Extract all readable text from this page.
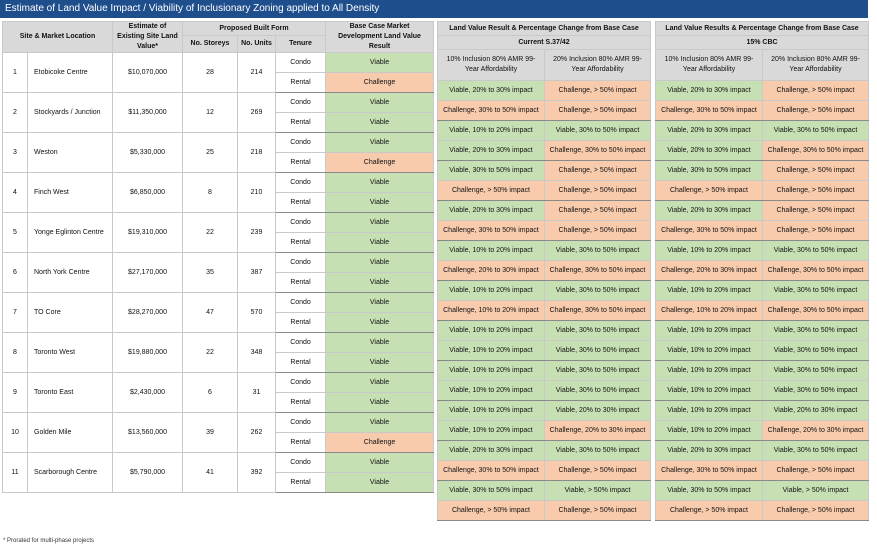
Estimate of Land Value Impact / Viability of Inclusionary Zoning applied to All Density
Site & Market Location		Estimate of Existing Site Land Value*	Proposed Built Form			Base Case Market Development Land Value Result
			No. Storeys	No. Units	Tenure	

1	Etobicoke Centre	$10,070,000	28	214	Condo	Viable
					Rental	Challenge
2	Stockyards / Junction	$11,350,000	12	269	Condo	Viable
					Rental	Viable
3	Weston	$5,330,000	25	218	Condo	Viable
					Rental	Challenge
4	Finch West	$6,850,000	8	210	Condo	Viable
					Rental	Viable
5	Yonge Eglinton Centre	$19,310,000	22	239	Condo	Viable
					Rental	Viable
6	North York Centre	$27,170,000	35	387	Condo	Viable
					Rental	Viable
7	TO Core	$28,270,000	47	570	Condo	Viable
					Rental	Viable
8	Toronto West	$19,880,000	22	348	Condo	Viable
					Rental	Viable
9	Toronto East	$2,430,000	6	31	Condo	Viable
					Rental	Viable
10	Golden Mile	$13,560,000	39	262	Condo	Viable
					Rental	Challenge
11	Scarborough Centre	$5,790,000	41	392	Condo	Viable
					Rental	Viable
Land Value Result & Percentage Change from Base Case	
Current S.37/42	
10% Inclusion 80% AMR 99-Year Affordability	20% Inclusion 80% AMR 99-Year Affordability
Viable, 20% to 30% impact	Challenge, > 50% impact
Challenge, 30% to 50% impact	Challenge, > 50% impact
Viable, 10% to 20% impact	Viable, 30% to 50% impact
Viable, 20% to 30% impact	Challenge, 30% to 50% impact
Viable, 30% to 50% impact	Challenge, > 50% impact
Challenge, > 50% impact	Challenge, > 50% impact
Viable, 20% to 30% impact	Challenge, > 50% impact
Challenge, 30% to 50% impact	Challenge, > 50% impact
Viable, 10% to 20% impact	Viable, 30% to 50% impact
Challenge, 20% to 30% impact	Challenge, 30% to 50% impact
Viable, 10% to 20% impact	Viable, 30% to 50% impact
Challenge, 10% to 20% impact	Challenge, 30% to 50% impact
Viable, 10% to 20% impact	Viable, 30% to 50% impact
Viable, 10% to 20% impact	Viable, 30% to 50% impact
Viable, 10% to 20% impact	Viable, 30% to 50% impact
Viable, 10% to 20% impact	Viable, 30% to 50% impact
Viable, 10% to 20% impact	Viable, 20% to 30% impact
Viable, 10% to 20% impact	Challenge, 20% to 30% impact
Viable, 20% to 30% impact	Viable, 30% to 50% impact
Challenge, 30% to 50% impact	Challenge, > 50% impact
Viable, 30% to 50% impact	Viable, > 50% impact
Challenge, > 50% impact	Challenge, > 50% impact
Land Value Results & Percentage Change from Base Case	
15% CBC	
10% Inclusion 80% AMR 99-Year Affordability	20% Inclusion 80% AMR 99-Year Affordability
Viable, 20% to 30% impact	Challenge, > 50% impact
Challenge, 30% to 50% impact	Challenge, > 50% impact
Viable, 20% to 30% impact	Viable, 30% to 50% impact
Viable, 20% to 30% impact	Challenge, 30% to 50% impact
Viable, 30% to 50% impact	Challenge, > 50% impact
Challenge, > 50% impact	Challenge, > 50% impact
Viable, 20% to 30% impact	Challenge, > 50% impact
Challenge, 30% to 50% impact	Challenge, > 50% impact
Viable, 10% to 20% impact	Viable, 30% to 50% impact
Challenge, 20% to 30% impact	Challenge, 30% to 50% impact
Viable, 10% to 20% impact	Viable, 30% to 50% impact
Challenge, 10% to 20% impact	Challenge, 30% to 50% impact
Viable, 10% to 20% impact	Viable, 30% to 50% impact
Viable, 10% to 20% impact	Viable, 30% to 50% impact
Viable, 10% to 20% impact	Viable, 30% to 50% impact
Viable, 10% to 20% impact	Viable, 30% to 50% impact
Viable, 10% to 20% impact	Viable, 20% to 30% impact
Viable, 10% to 20% impact	Challenge, 20% to 30% impact
Viable, 20% to 30% impact	Viable, 30% to 50% impact
Challenge, 30% to 50% impact	Challenge, > 50% impact
Viable, 30% to 50% impact	Viable, > 50% impact
Challenge, > 50% impact	Challenge, > 50% impact
* Prorated for multi-phase projects
